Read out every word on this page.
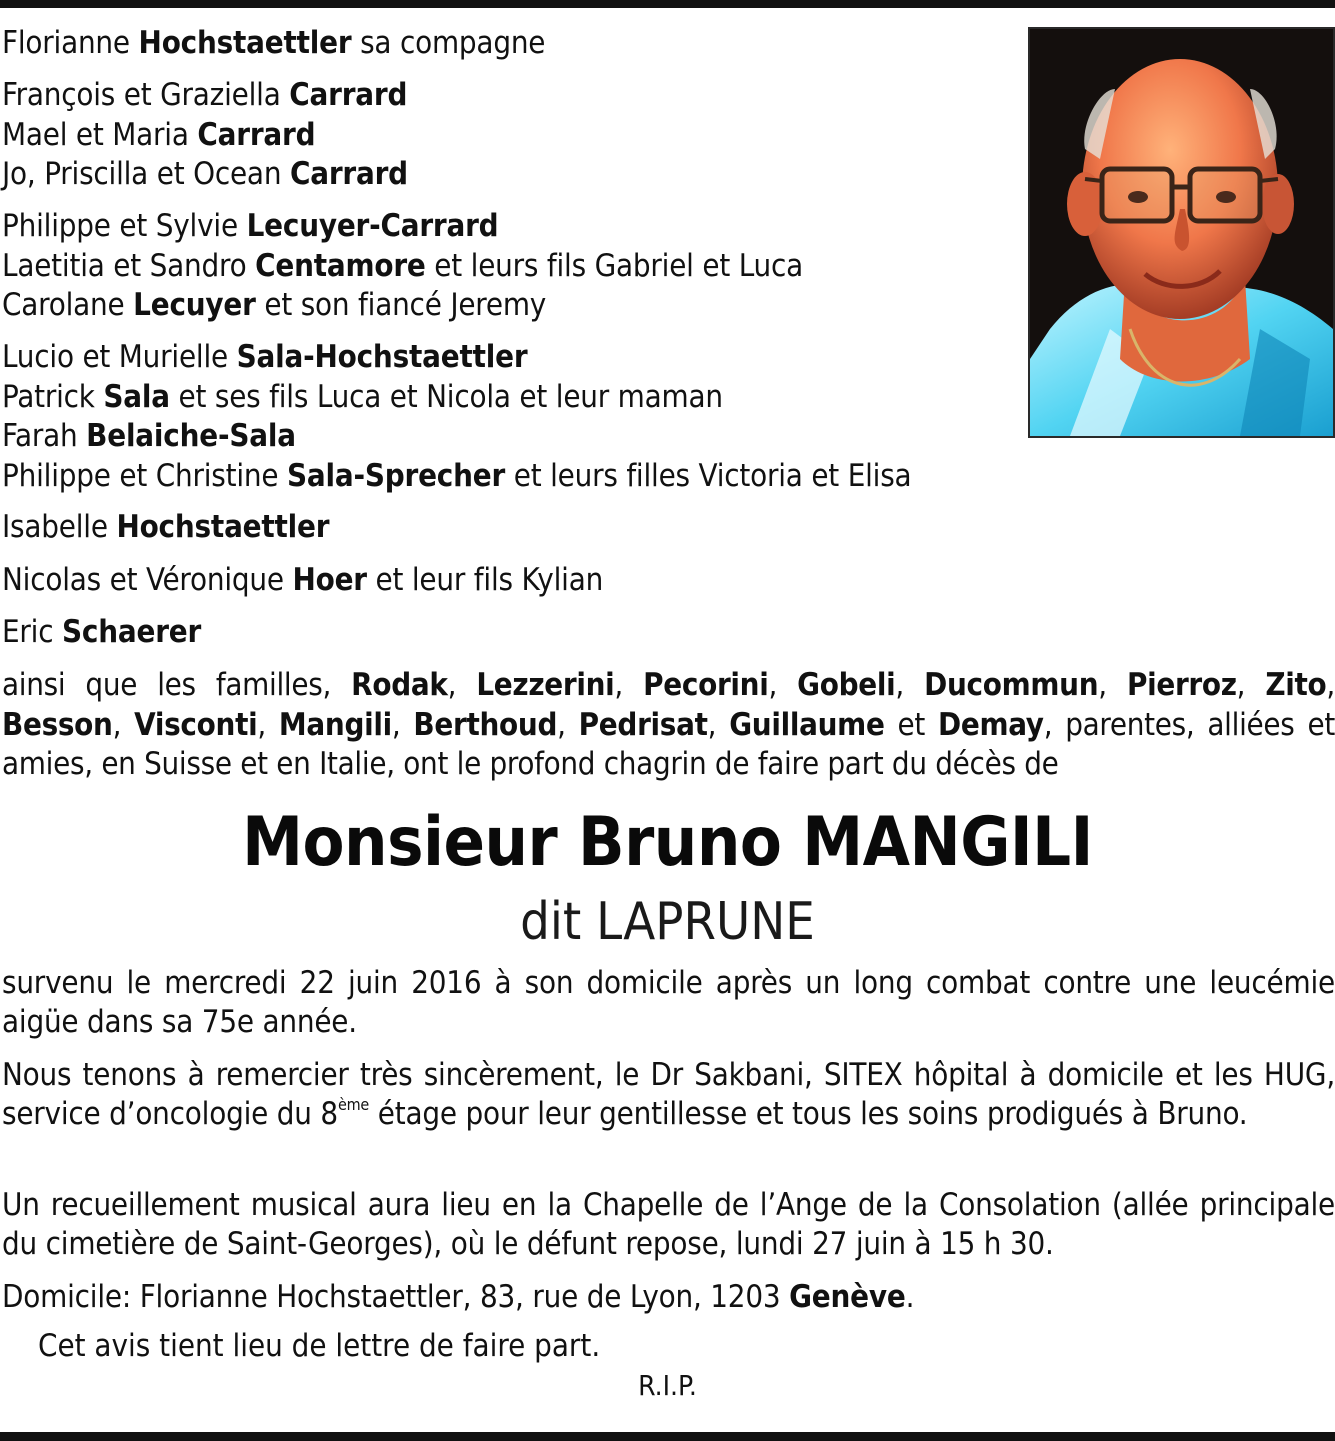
Florianne Hochstaettler sa compagne
François et Graziella Carrard
Mael et Maria Carrard
Jo, Priscilla et Ocean Carrard
Philippe et Sylvie Lecuyer-Carrard
Laetitia et Sandro Centamore et leurs fils Gabriel et Luca
Carolane Lecuyer et son fiancé Jeremy
Lucio et Murielle Sala-Hochstaettler
Patrick Sala et ses fils Luca et Nicola et leur maman
Farah Belaiche-Sala
Philippe et Christine Sala-Sprecher et leurs filles Victoria et Elisa
Isabelle Hochstaettler
Nicolas et Véronique Hoer et leur fils Kylian
Eric Schaerer
ainsi que les familles, Rodak, Lezzerini, Pecorini, Gobeli, Ducommun, Pierroz, Zito, Besson, Visconti, Mangili, Berthoud, Pedrisat, Guillaume et Demay, parentes, alliées et amies, en Suisse et en Italie, ont le profond chagrin de faire part du décès de
Monsieur Bruno MANGILI
dit LAPRUNE
survenu le mercredi 22 juin 2016 à son domicile après un long combat contre une leucémie aigüe dans sa 75e année.
Nous tenons à remercier très sincèrement, le Dr Sakbani, SITEX hôpital à domicile et les HUG, service d’oncologie du 8ème étage pour leur gentillesse et tous les soins prodigués à Bruno.
Un recueillement musical aura lieu en la Chapelle de l’Ange de la Consolation (allée principale du cimetière de Saint-Georges), où le défunt repose, lundi 27 juin à 15 h 30.
Domicile: Florianne Hochstaettler, 83, rue de Lyon, 1203 Genève.
Cet avis tient lieu de lettre de faire part.
R.I.P.
